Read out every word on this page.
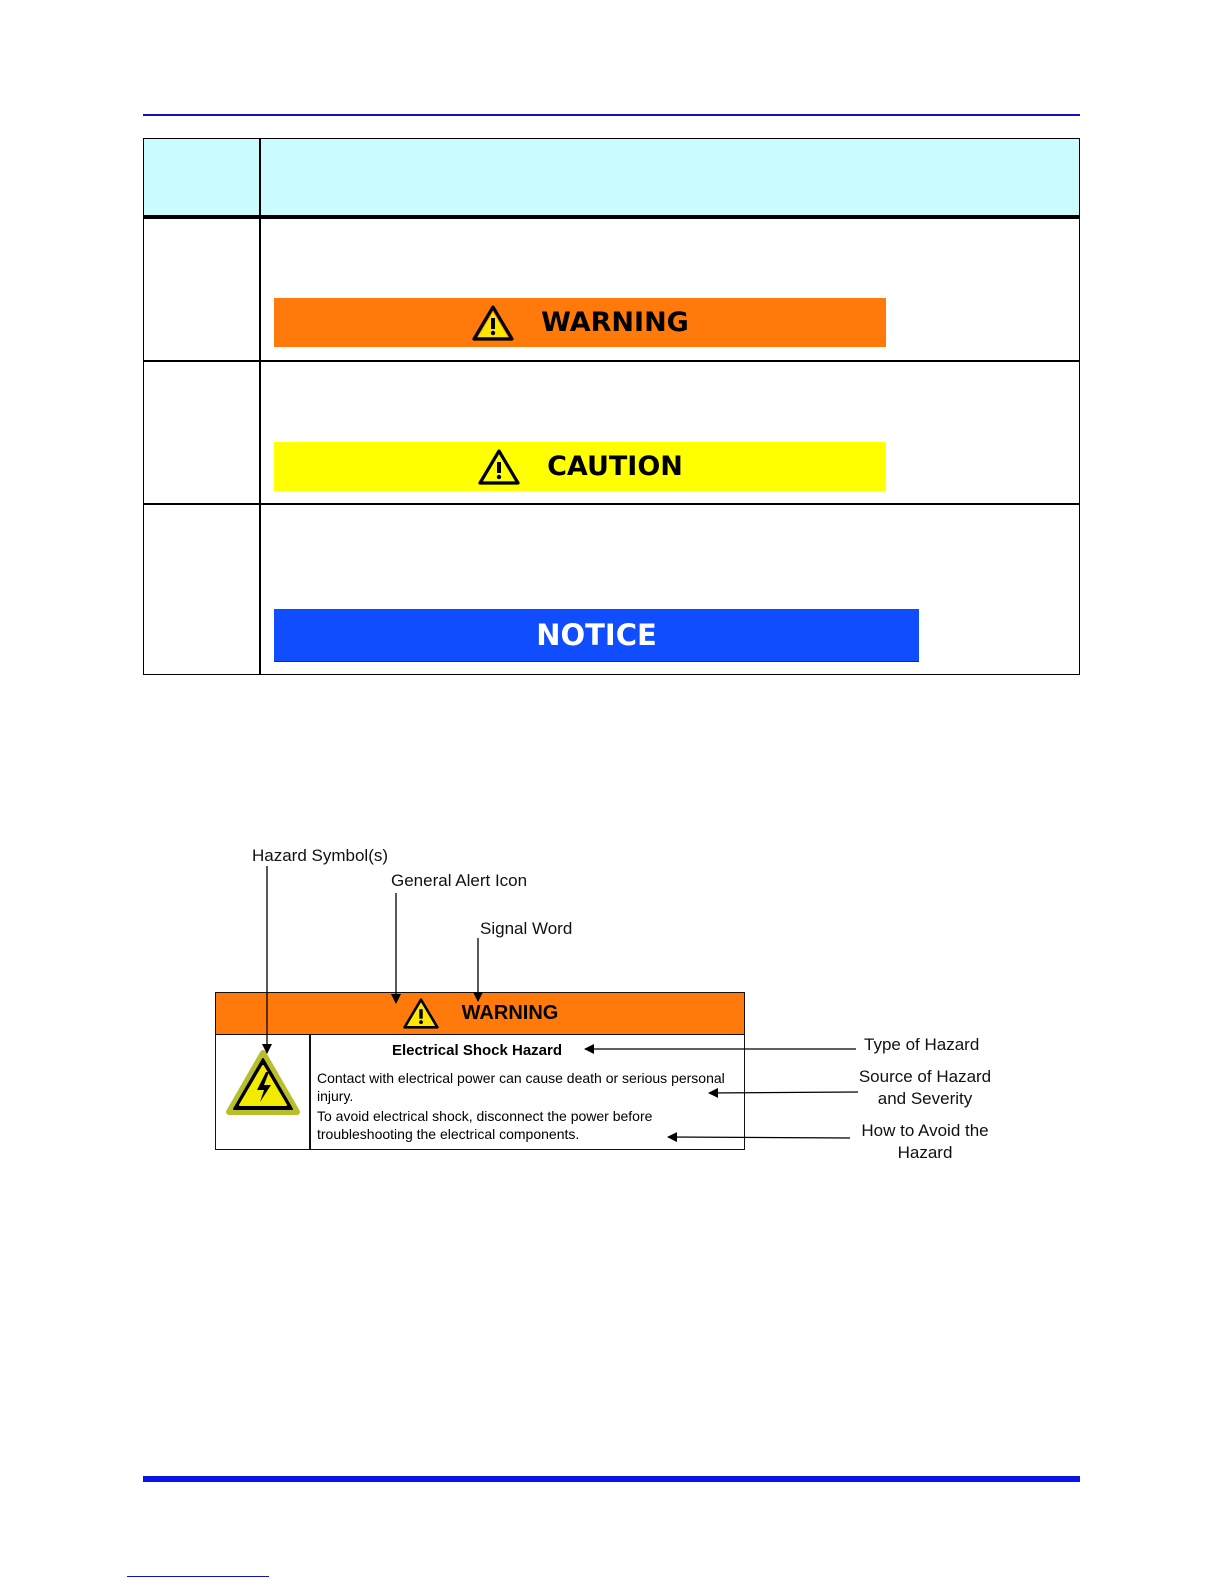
WARNING
CAUTION
NOTICE
Hazard Symbol(s)
General Alert Icon
Signal Word
Type of Hazard
Source of Hazard
and Severity
How to Avoid the
Hazard
WARNING
Electrical Shock Hazard
Contact with electrical power can cause death or serious personal
injury.
To avoid electrical shock, disconnect the power before
troubleshooting the electrical components.
